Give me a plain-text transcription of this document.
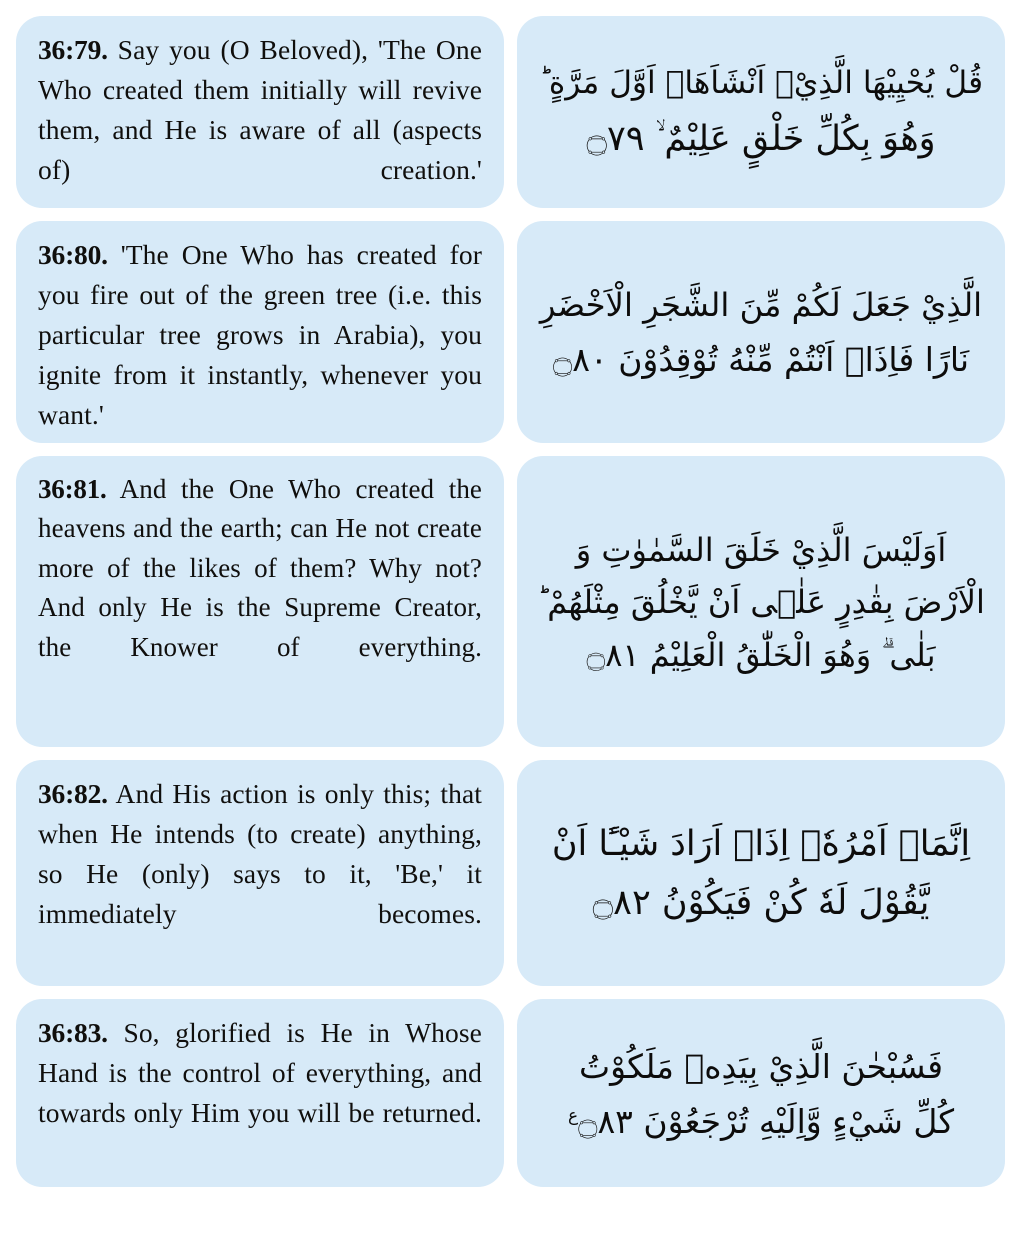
36:79. Say you (O Beloved), 'The One Who created them initially will revive them, and He is aware of all (aspects of) creation.'

قُلْ يُحْيِيْهَا الَّذِيْۤ اَنْشَاَهَاۤ اَوَّلَ مَرَّةٍ ؕ
وَهُوَ بِكُلِّ خَلْقٍ عَلِيْمٌ ۙ ۝٧٩

36:80. 'The One Who has created for you fire out of the green tree (i.e. this particular tree grows in Arabia), you ignite from it instantly, whenever you want.'

الَّذِيْ جَعَلَ لَكُمْ مِّنَ الشَّجَرِ الْاَخْضَرِ
نَارًا فَاِذَاۤ اَنْتُمْ مِّنْهُ تُوْقِدُوْنَ ۝٨٠

36:81. And the One Who created the heavens and the earth; can He not create more of the likes of them? Why not? And only He is the Supreme Creator, the Knower of everything.

اَوَلَيْسَ الَّذِيْ خَلَقَ السَّمٰوٰتِ وَ
الْاَرْضَ بِقٰدِرٍ عَلٰۤى اَنْ يَّخْلُقَ مِثْلَهُمْ ؕ
بَلٰى ۗ وَهُوَ الْخَلّٰقُ الْعَلِيْمُ ۝٨١

36:82. And His action is only this; that when He intends (to create) anything, so He (only) says to it, 'Be,' it immediately becomes.

اِنَّمَاۤ اَمْرُهٗۤ اِذَاۤ اَرَادَ شَيْـًٔا اَنْ
يَّقُوْلَ لَهٗ كُنْ فَيَكُوْنُ ۝٨٢

36:83. So, glorified is He in Whose Hand is the control of everything, and towards only Him you will be returned.

فَسُبْحٰنَ الَّذِيْ بِيَدِهٖ مَلَكُوْتُ
كُلِّ شَيْءٍ وَّاِلَيْهِ تُرْجَعُوْنَ $۝٨٣^ع$
